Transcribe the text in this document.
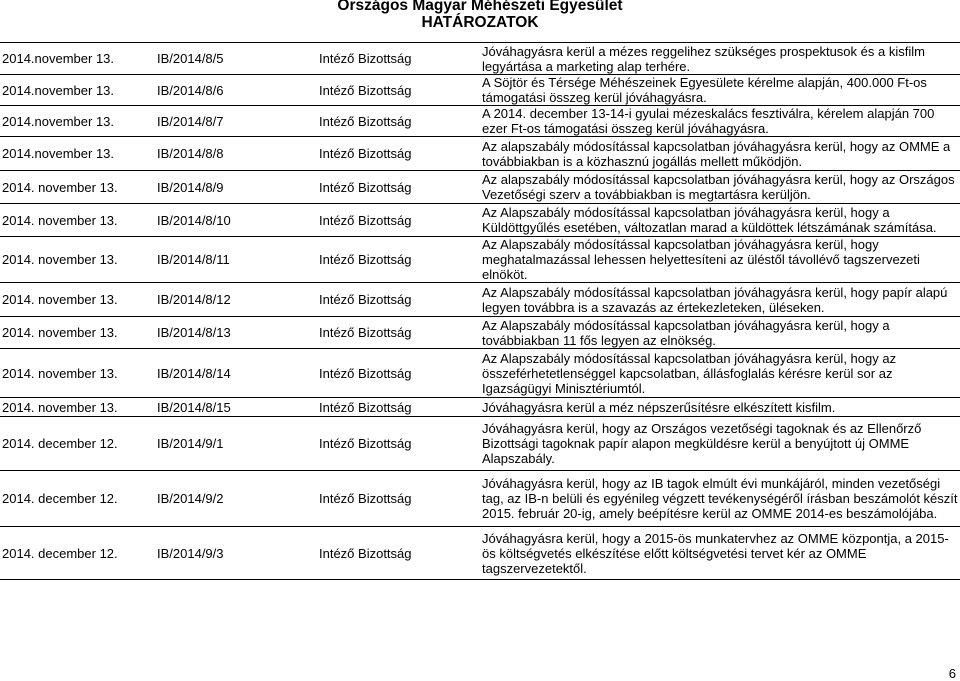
Országos Magyar Méhészeti Egyesület
HATÁROZATOK
2014.november 13.	IB/2014/8/5	Intéző Bizottság	Jóváhagyásra kerül a mézes reggelihez szükséges prospektusok és a kisfilm legyártása a marketing alap terhére.
2014.november 13.	IB/2014/8/6	Intéző Bizottság	A Söjtör és Térsége Méhészeinek Egyesülete kérelme alapján, 400.000 Ft-os támogatási összeg kerül jóváhagyásra.
2014.november 13.	IB/2014/8/7	Intéző Bizottság	A 2014. december 13-14-i gyulai mézeskalács fesztiválra, kérelem alapján 700 ezer Ft-os támogatási összeg kerül jóváhagyásra.
2014.november 13.	IB/2014/8/8	Intéző Bizottság	Az alapszabály módosítással kapcsolatban jóváhagyásra kerül, hogy az OMME a továbbiakban is a közhasznú jogállás mellett működjön.
2014. november 13.	IB/2014/8/9	Intéző Bizottság	Az alapszabály módosítással kapcsolatban jóváhagyásra kerül, hogy az Országos Vezetőségi szerv a továbbiakban is megtartásra kerüljön.
2014. november 13.	IB/2014/8/10	Intéző Bizottság	Az Alapszabály módosítással kapcsolatban jóváhagyásra kerül, hogy a Küldöttgyűlés esetében, változatlan marad a küldöttek létszámának számítása.
2014. november 13.	IB/2014/8/11	Intéző Bizottság	Az Alapszabály módosítással kapcsolatban jóváhagyásra kerül, hogy meghatalmazással lehessen helyettesíteni az üléstől távollévő tagszervezeti elnököt.
2014. november 13.	IB/2014/8/12	Intéző Bizottság	Az Alapszabály módosítással kapcsolatban jóváhagyásra kerül, hogy papír alapú legyen továbbra is a szavazás az értekezleteken, üléseken.
2014. november 13.	IB/2014/8/13	Intéző Bizottság	Az Alapszabály módosítással kapcsolatban jóváhagyásra kerül, hogy a továbbiakban 11 fős legyen az elnökség.
2014. november 13.	IB/2014/8/14	Intéző Bizottság	Az Alapszabály módosítással kapcsolatban jóváhagyásra kerül, hogy az összeférhetetlenséggel kapcsolatban, állásfoglalás kérésre kerül sor az Igazságügyi Minisztériumtól.
2014. november 13.	IB/2014/8/15	Intéző Bizottság	Jóváhagyásra kerül a méz népszerűsítésre elkészített kisfilm.
2014. december 12.	IB/2014/9/1	Intéző Bizottság	Jóváhagyásra kerül, hogy az Országos vezetőségi tagoknak és az Ellenőrző Bizottsági tagoknak papír alapon megküldésre kerül a benyújtott új OMME Alapszabály.
2014. december 12.	IB/2014/9/2	Intéző Bizottság	Jóváhagyásra kerül, hogy az IB tagok elmúlt évi munkájáról, minden vezetőségi tag, az IB-n belüli és egyénileg végzett tevékenységéről írásban beszámolót készít 2015. február 20-ig, amely beépítésre kerül az OMME 2014-es beszámolójába.
2014. december 12.	IB/2014/9/3	Intéző Bizottság	Jóváhagyásra kerül, hogy a 2015-ös munkatervhez az OMME központja, a 2015-ös költségvetés elkészítése előtt költségvetési tervet kér az OMME tagszervezetektől.
6
